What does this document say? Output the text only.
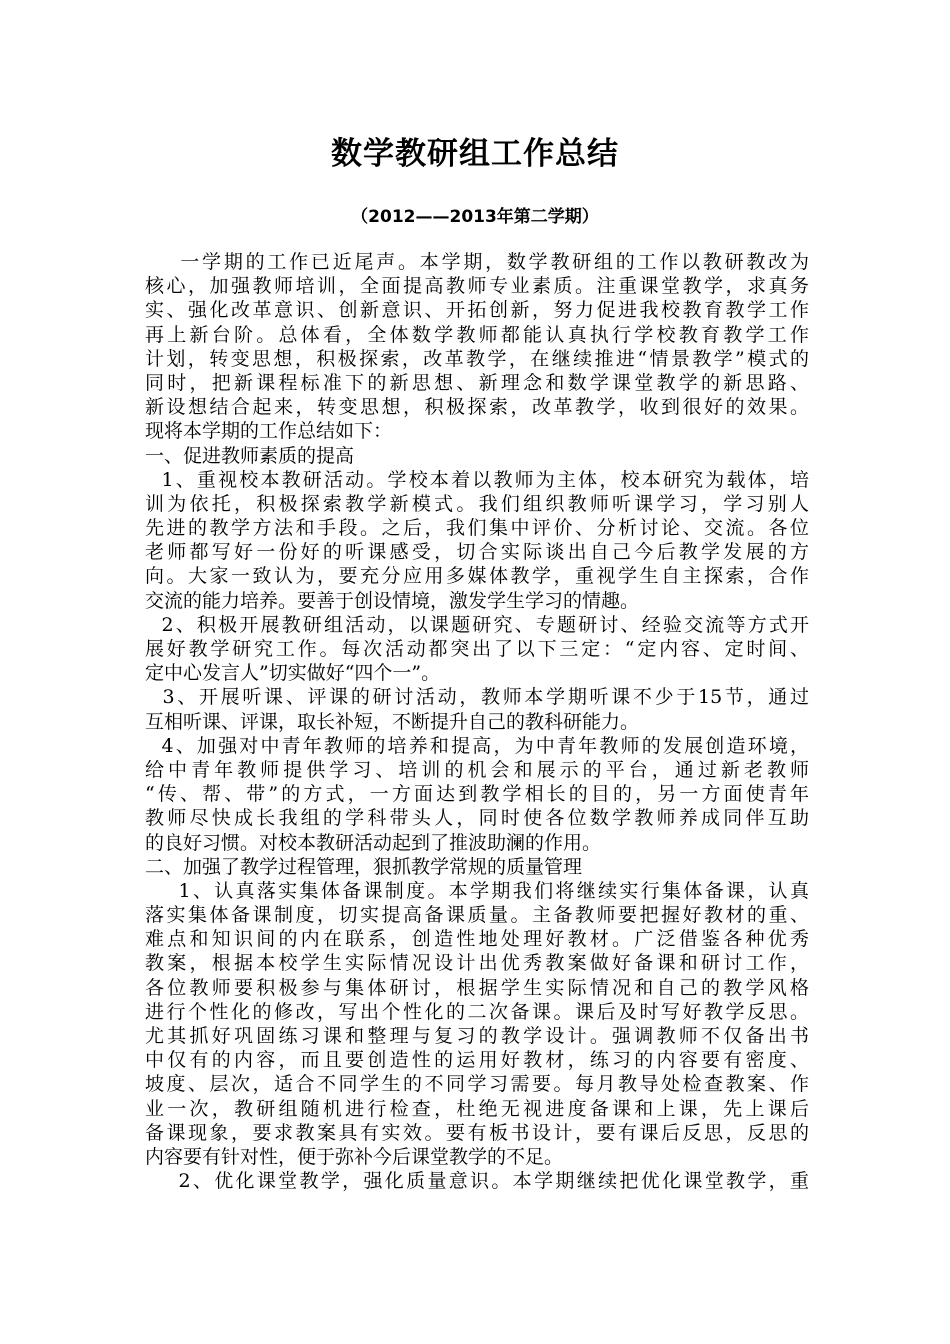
数学教研组工作总结
（2012——2013年第二学期）
一学期的工作已近尾声。本学期，数学教研组的工作以教研教改为
核心，加强教师培训，全面提高教师专业素质。注重课堂教学，求真务
实、强化改革意识、创新意识、开拓创新，努力促进我校教育教学工作
再上新台阶。总体看，全体数学教师都能认真执行学校教育教学工作
计划，转变思想，积极探索，改革教学，在继续推进“情景教学”模式的
同时，把新课程标准下的新思想、新理念和数学课堂教学的新思路、
新设想结合起来，转变思想，积极探索，改革教学，收到很好的效果。
现将本学期的工作总结如下：
一、促进教师素质的提高
1、重视校本教研活动。学校本着以教师为主体，校本研究为载体，培
训为依托，积极探索教学新模式。我们组织教师听课学习，学习别人
先进的教学方法和手段。之后，我们集中评价、分析讨论、交流。各位
老师都写好一份好的听课感受，切合实际谈出自己今后教学发展的方
向。大家一致认为，要充分应用多媒体教学，重视学生自主探索，合作
交流的能力培养。要善于创设情境，激发学生学习的情趣。
2、积极开展教研组活动，以课题研究、专题研讨、经验交流等方式开
展好教学研究工作。每次活动都突出了以下三定：“定内容、定时间、
定中心发言人”切实做好“四个一”。
3、开展听课、评课的研讨活动，教师本学期听课不少于15节，通过
互相听课、评课，取长补短，不断提升自己的教科研能力。
4、加强对中青年教师的培养和提高，为中青年教师的发展创造环境，
给中青年教师提供学习、培训的机会和展示的平台，通过新老教师
“传、帮、带”的方式，一方面达到教学相长的目的，另一方面使青年
教师尽快成长我组的学科带头人，同时使各位数学教师养成同伴互助
的良好习惯。对校本教研活动起到了推波助澜的作用。
二、加强了教学过程管理，狠抓教学常规的质量管理
1、认真落实集体备课制度。本学期我们将继续实行集体备课，认真
落实集体备课制度，切实提高备课质量。主备教师要把握好教材的重、
难点和知识间的内在联系，创造性地处理好教材。广泛借鉴各种优秀
教案，根据本校学生实际情况设计出优秀教案做好备课和研讨工作，
各位教师要积极参与集体研讨，根据学生实际情况和自己的教学风格
进行个性化的修改，写出个性化的二次备课。课后及时写好教学反思。
尤其抓好巩固练习课和整理与复习的教学设计。强调教师不仅备出书
中仅有的内容，而且要创造性的运用好教材，练习的内容要有密度、
坡度、层次，适合不同学生的不同学习需要。每月教导处检查教案、作
业一次，教研组随机进行检查，杜绝无视进度备课和上课，先上课后
备课现象，要求教案具有实效。要有板书设计，要有课后反思，反思的
内容要有针对性，便于弥补今后课堂教学的不足。
2、优化课堂教学，强化质量意识。本学期继续把优化课堂教学，重
